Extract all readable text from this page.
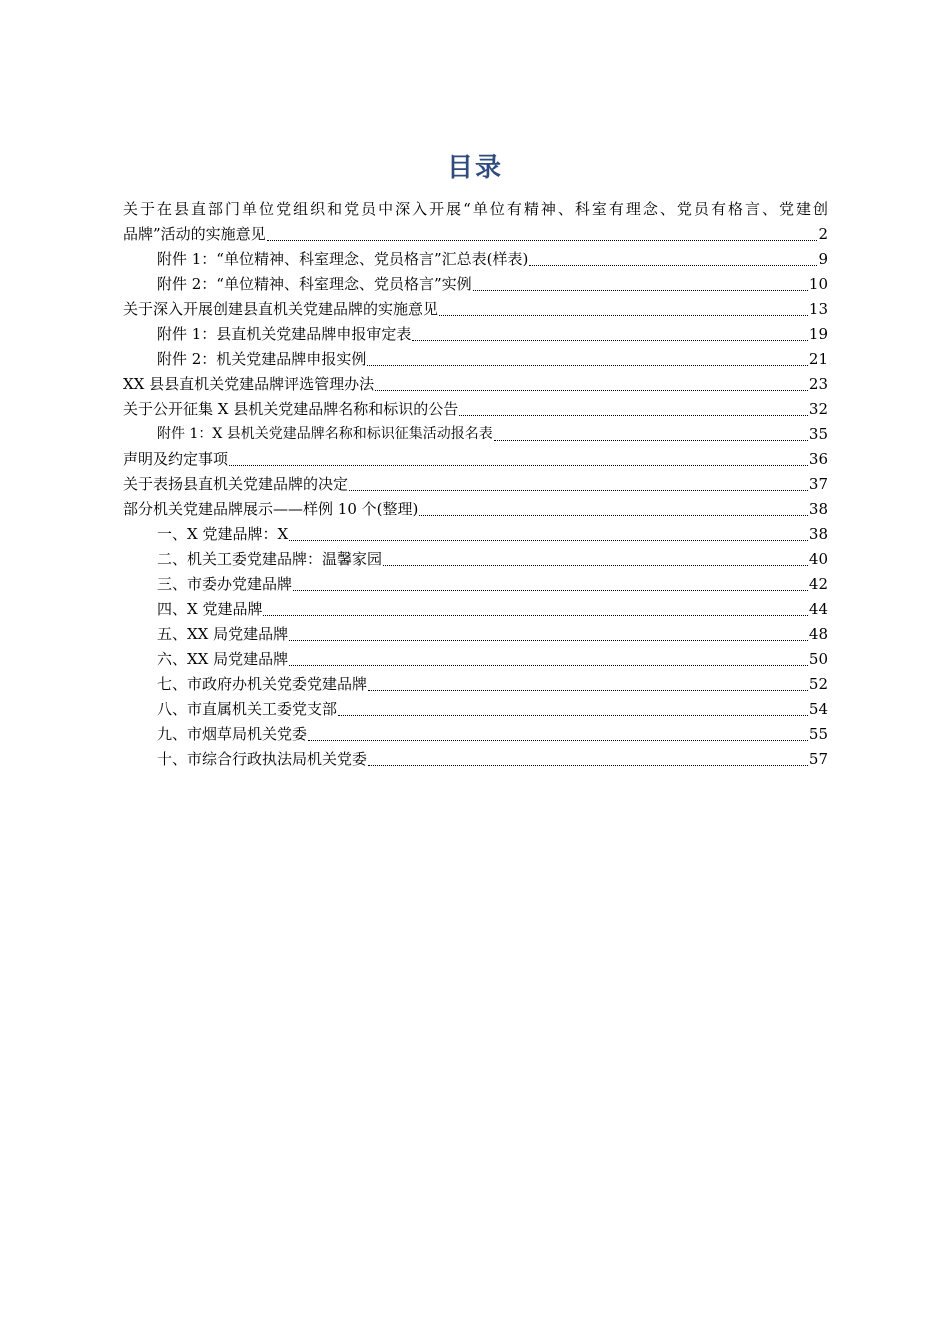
目录
关于在县直部门单位党组织和党员中深入开展“单位有精神、科室有理念、党员有格言、党建创
品牌”活动的实施意见	2
附件 1：“单位精神、科室理念、党员格言”汇总表(样表)	9
附件 2：“单位精神、科室理念、党员格言”实例	10
关于深入开展创建县直机关党建品牌的实施意见	13
附件 1：县直机关党建品牌申报审定表	19
附件 2：机关党建品牌申报实例	21
XX 县县直机关党建品牌评选管理办法	23
关于公开征集 X 县机关党建品牌名称和标识的公告	32
附件 1：X 县机关党建品牌名称和标识征集活动报名表	35
声明及约定事项	36
关于表扬县直机关党建品牌的决定	37
部分机关党建品牌展示——样例 10 个(整理)	38
一、X 党建品牌：X	38
二、机关工委党建品牌：温馨家园	40
三、市委办党建品牌	42
四、X 党建品牌	44
五、XX 局党建品牌	48
六、XX 局党建品牌	50
七、市政府办机关党委党建品牌	52
八、市直属机关工委党支部	54
九、市烟草局机关党委	55
十、市综合行政执法局机关党委	57
